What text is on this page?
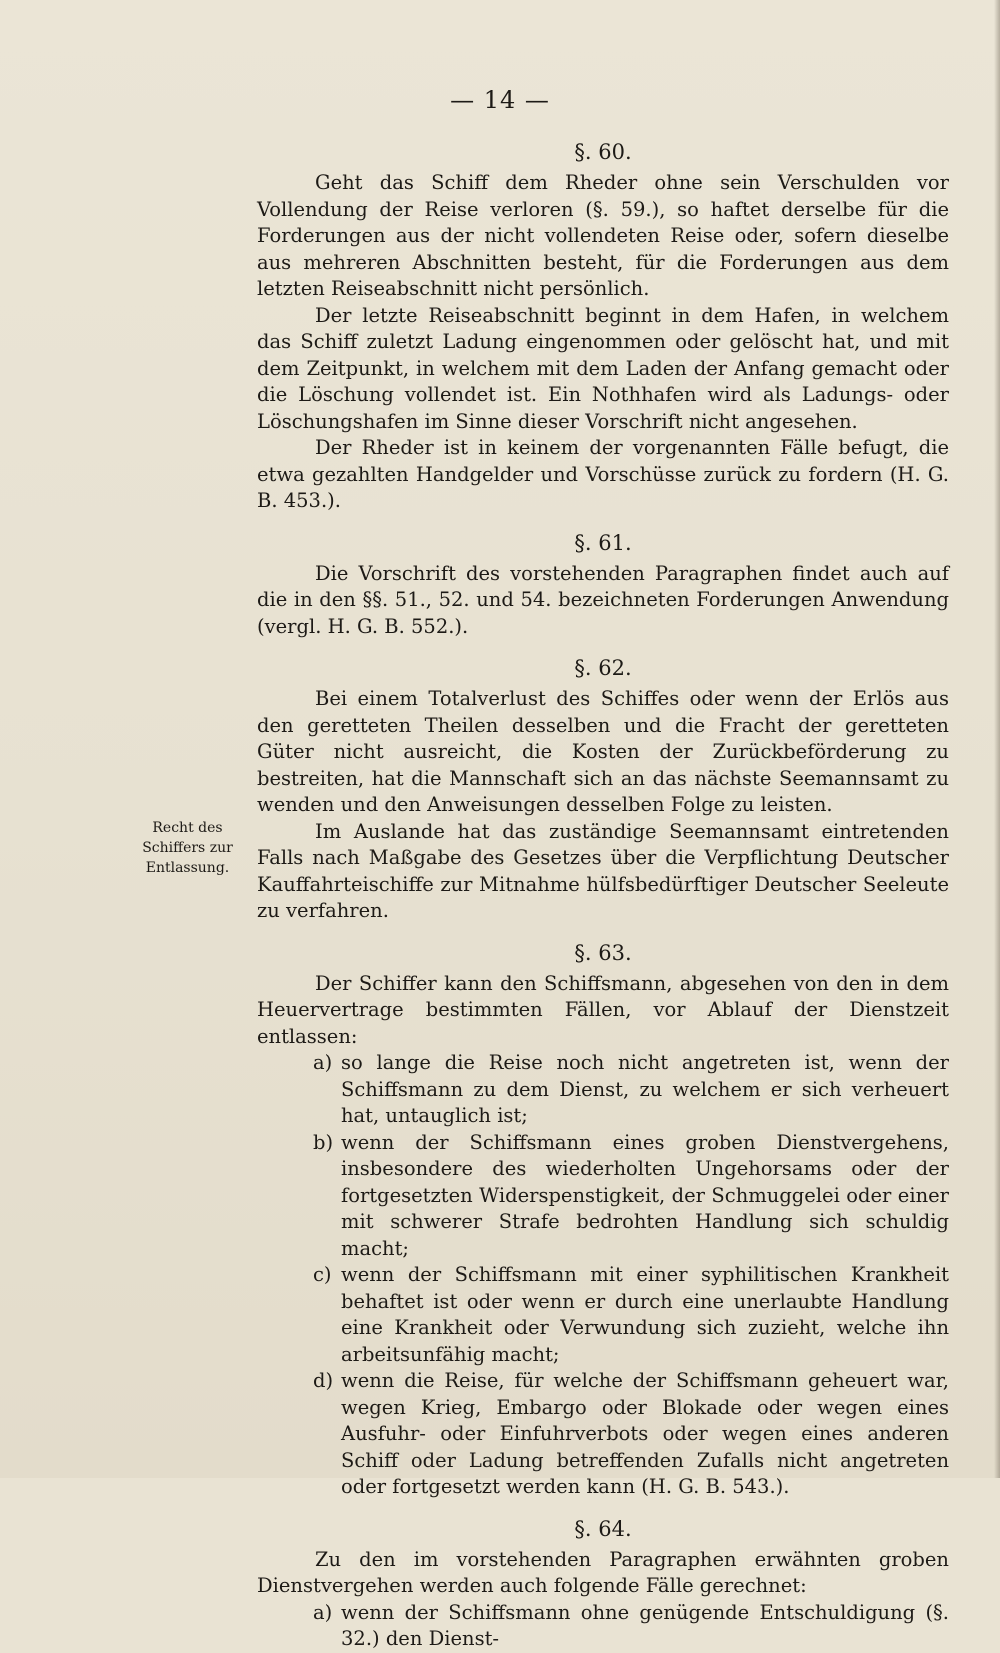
— 14 —
Recht des Schiffers zur Entlassung.
§. 60.

Geht das Schiff dem Rheder ohne sein Verschulden vor Vollendung der Reise verloren (§. 59.), so haftet derselbe für die Forderungen aus der nicht vollendeten Reise oder, sofern dieselbe aus mehreren Abschnitten besteht, für die Forderungen aus dem letzten Reiseabschnitt nicht persönlich.

Der letzte Reiseabschnitt beginnt in dem Hafen, in welchem das Schiff zuletzt Ladung eingenommen oder gelöscht hat, und mit dem Zeitpunkt, in welchem mit dem Laden der Anfang gemacht oder die Löschung vollendet ist. Ein Nothhafen wird als Ladungs- oder Löschungshafen im Sinne dieser Vorschrift nicht angesehen.

Der Rheder ist in keinem der vorgenannten Fälle befugt, die etwa gezahlten Handgelder und Vorschüsse zurück zu fordern (H. G. B. 453.).

§. 61.

Die Vorschrift des vorstehenden Paragraphen findet auch auf die in den §§. 51., 52. und 54. bezeichneten Forderungen Anwendung (vergl. H. G. B. 552.).

§. 62.

Bei einem Totalverlust des Schiffes oder wenn der Erlös aus den geretteten Theilen desselben und die Fracht der geretteten Güter nicht ausreicht, die Kosten der Zurückbeförderung zu bestreiten, hat die Mannschaft sich an das nächste Seemannsamt zu wenden und den Anweisungen desselben Folge zu leisten.

Im Auslande hat das zuständige Seemannsamt eintretenden Falls nach Maßgabe des Gesetzes über die Verpflichtung Deutscher Kauffahrteischiffe zur Mitnahme hülfsbedürftiger Deutscher Seeleute zu verfahren.

§. 63.

Der Schiffer kann den Schiffsmann, abgesehen von den in dem Heuervertrage bestimmten Fällen, vor Ablauf der Dienstzeit entlassen:

a) so lange die Reise noch nicht angetreten ist, wenn der Schiffsmann zu dem Dienst, zu welchem er sich verheuert hat, untauglich ist;
b) wenn der Schiffsmann eines groben Dienstvergehens, insbesondere des wiederholten Ungehorsams oder der fortgesetzten Widerspenstigkeit, der Schmuggelei oder einer mit schwerer Strafe bedrohten Handlung sich schuldig macht;
c) wenn der Schiffsmann mit einer syphilitischen Krankheit behaftet ist oder wenn er durch eine unerlaubte Handlung eine Krankheit oder Verwundung sich zuzieht, welche ihn arbeitsunfähig macht;
d) wenn die Reise, für welche der Schiffsmann geheuert war, wegen Krieg, Embargo oder Blokade oder wegen eines Ausfuhr- oder Einfuhrverbots oder wegen eines anderen Schiff oder Ladung betreffenden Zufalls nicht angetreten oder fortgesetzt werden kann (H. G. B. 543.).
§. 64.

Zu den im vorstehenden Paragraphen erwähnten groben Dienstvergehen werden auch folgende Fälle gerechnet:

a) wenn der Schiffsmann ohne genügende Entschuldigung (§. 32.) den Dienst-
